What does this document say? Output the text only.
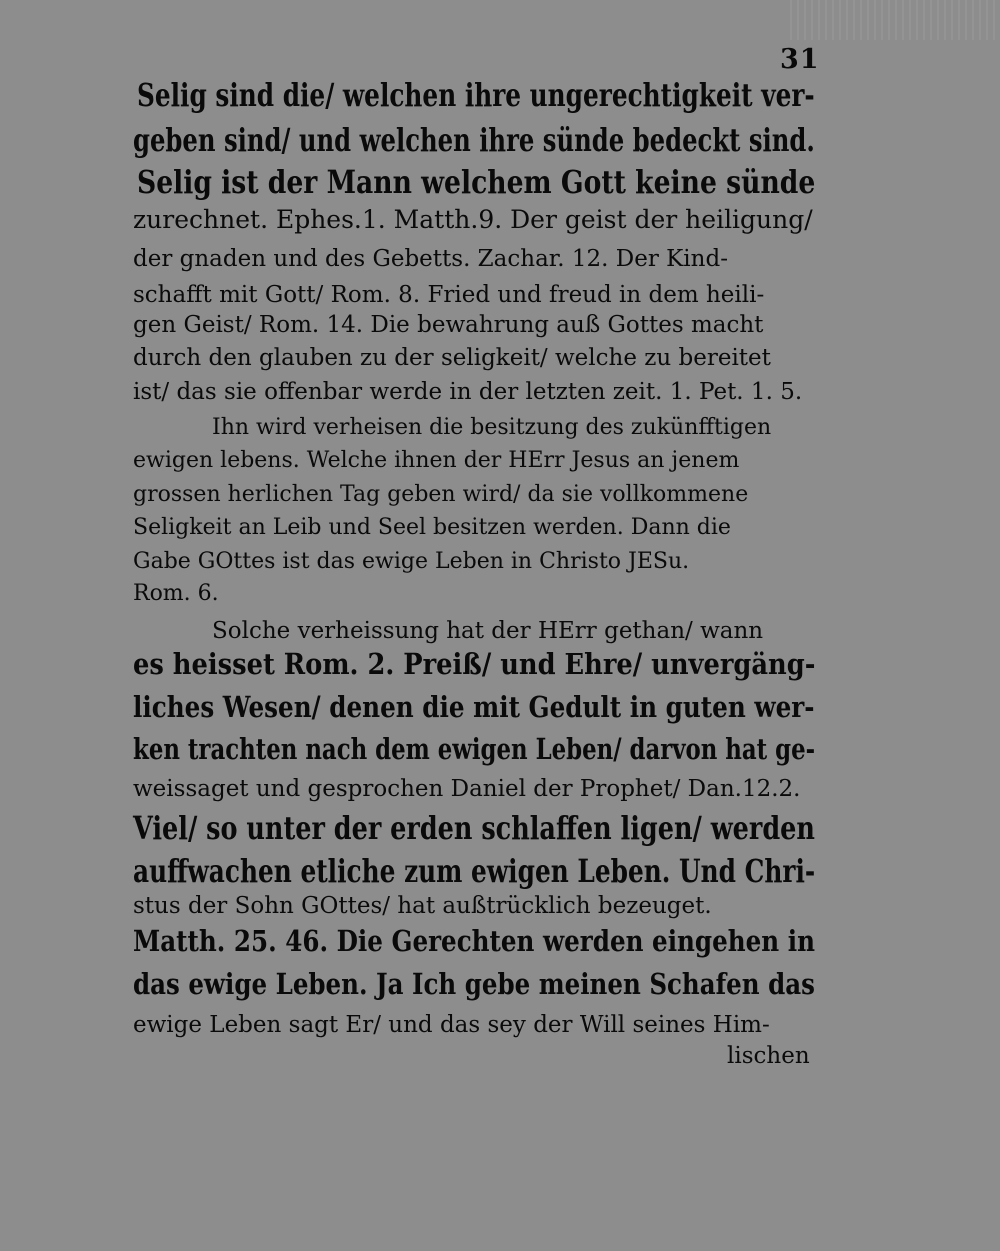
31
Selig sind die/ welchen ihre ungerechtigkeit ver-
geben sind/ und welchen ihre sünde bedeckt sind.
Selig ist der Mann welchem Gott keine sünde
zurechnet. Ephes.1. Matth.9. Der geist der heiligung/
der gnaden und des Gebetts. Zachar. 12. Der Kind-
schafft mit Gott/ Rom. 8. Fried und freud in dem heili-
gen Geist/ Rom. 14. Die bewahrung auß Gottes macht
durch den glauben zu der seligkeit/ welche zu bereitet
ist/ das sie offenbar werde in der letzten zeit. 1. Pet. 1. 5.
Ihn wird verheisen die besitzung des zukünfftigen
ewigen lebens. Welche ihnen der HErr Jesus an jenem
grossen herlichen Tag geben wird/ da sie vollkommene
Seligkeit an Leib und Seel besitzen werden. Dann die
Gabe GOttes ist das ewige Leben in Christo JESu.
Rom. 6.
Solche verheissung hat der HErr gethan/ wann
es heisset Rom. 2. Preiß/ und Ehre/ unvergäng-
liches Wesen/ denen die mit Gedult in guten wer-
ken trachten nach dem ewigen Leben/ darvon hat ge-
weissaget und gesprochen Daniel der Prophet/ Dan.12.2.
Viel/ so unter der erden schlaffen ligen/ werden
auffwachen etliche zum ewigen Leben. Und Chri-
stus der Sohn GOttes/ hat außtrücklich bezeuget.
Matth. 25. 46. Die Gerechten werden eingehen in
das ewige Leben. Ja Ich gebe meinen Schafen das
ewige Leben sagt Er/ und das sey der Will seines Him-
lischen
